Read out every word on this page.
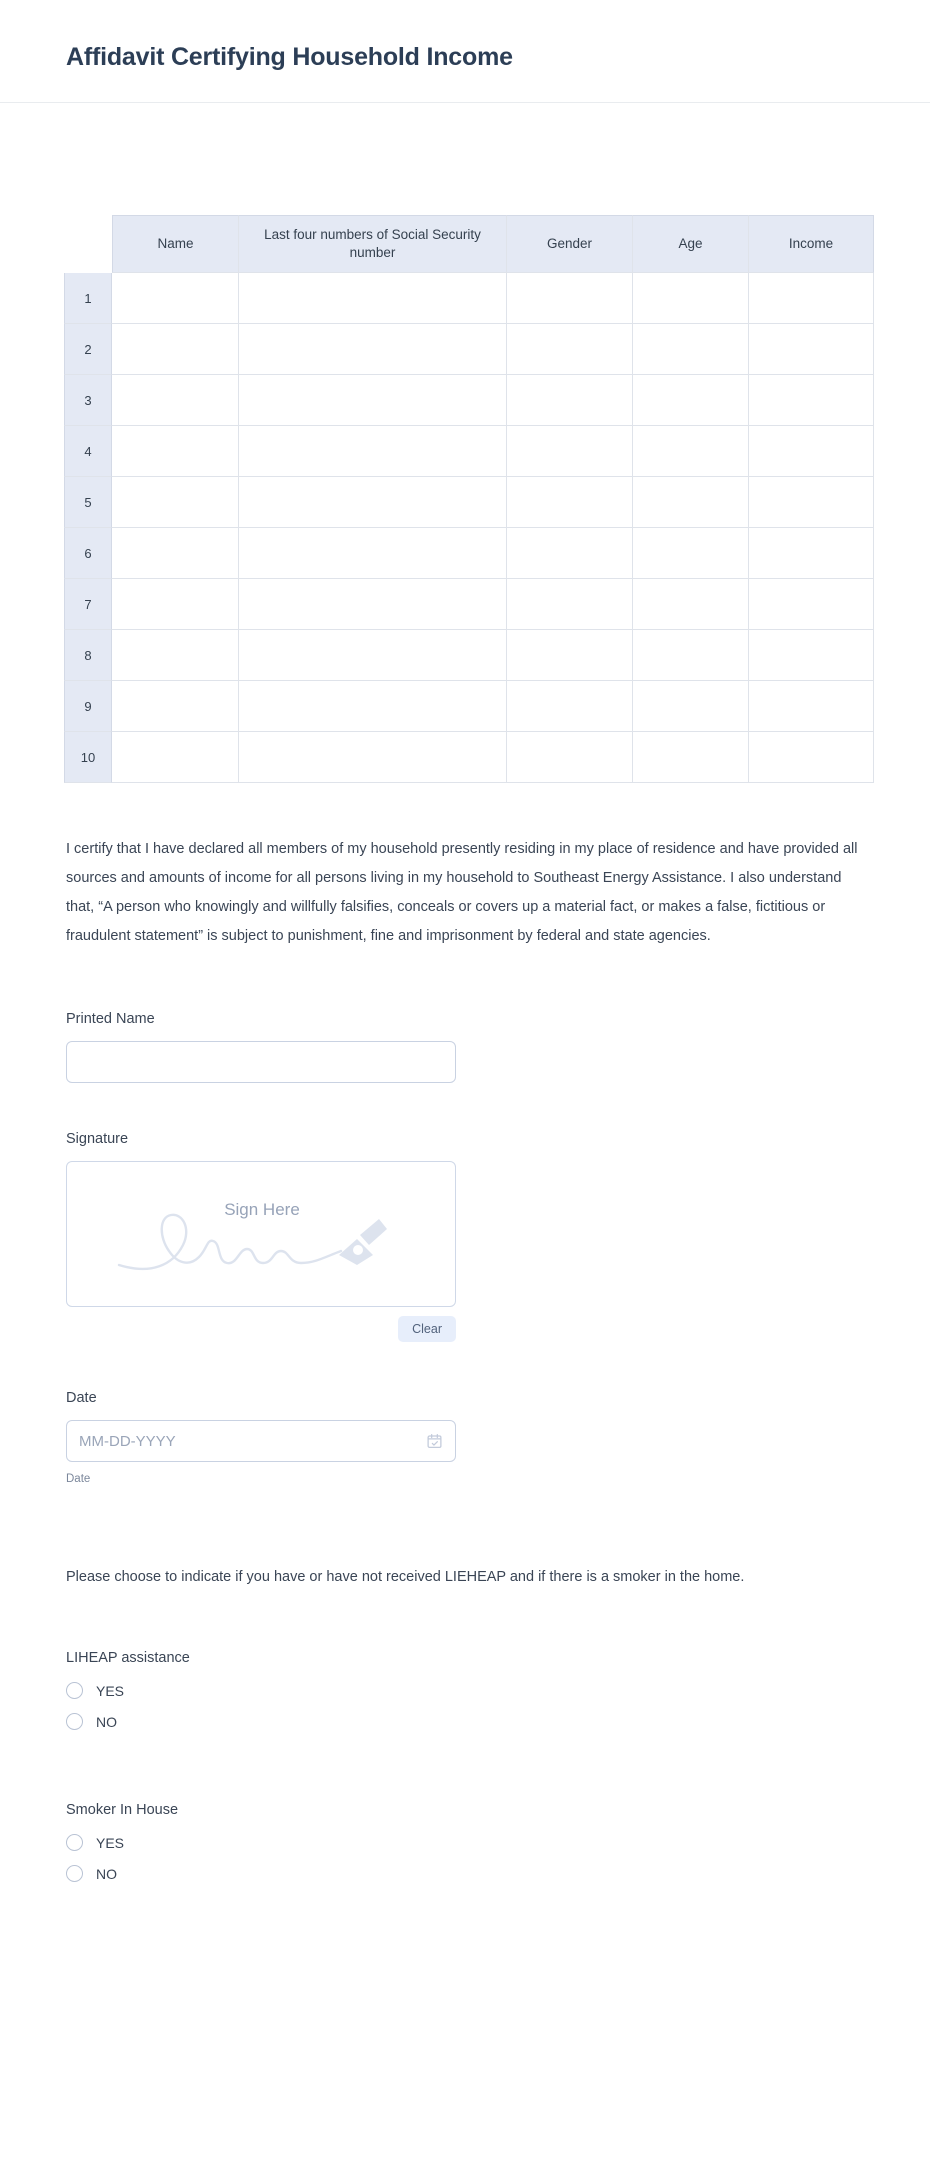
Affidavit Certifying Household Income
	Name	Last four numbers of Social Security number	Gender	Age	Income
1					
2					
3					
4					
5					
6					
7					
8					
9					
10					

I certify that I have declared all members of my household presently residing in my place of residence and have provided all sources and amounts of income for all persons living in my household to Southeast Energy Assistance. I also understand that, “A person who knowingly and willfully falsifies, conceals or covers up a material fact, or makes a false, fictitious or fraudulent statement” is subject to punishment, fine and imprisonment by federal and state agencies.

Printed Name
Signature
Sign Here
Clear
Date
MM-DD-YYYY
Date

Please choose to indicate if you have or have not received LIEHEAP and if there is a smoker in the home.

LIHEAP assistance
YES
NO
Smoker In House
YES
NO
